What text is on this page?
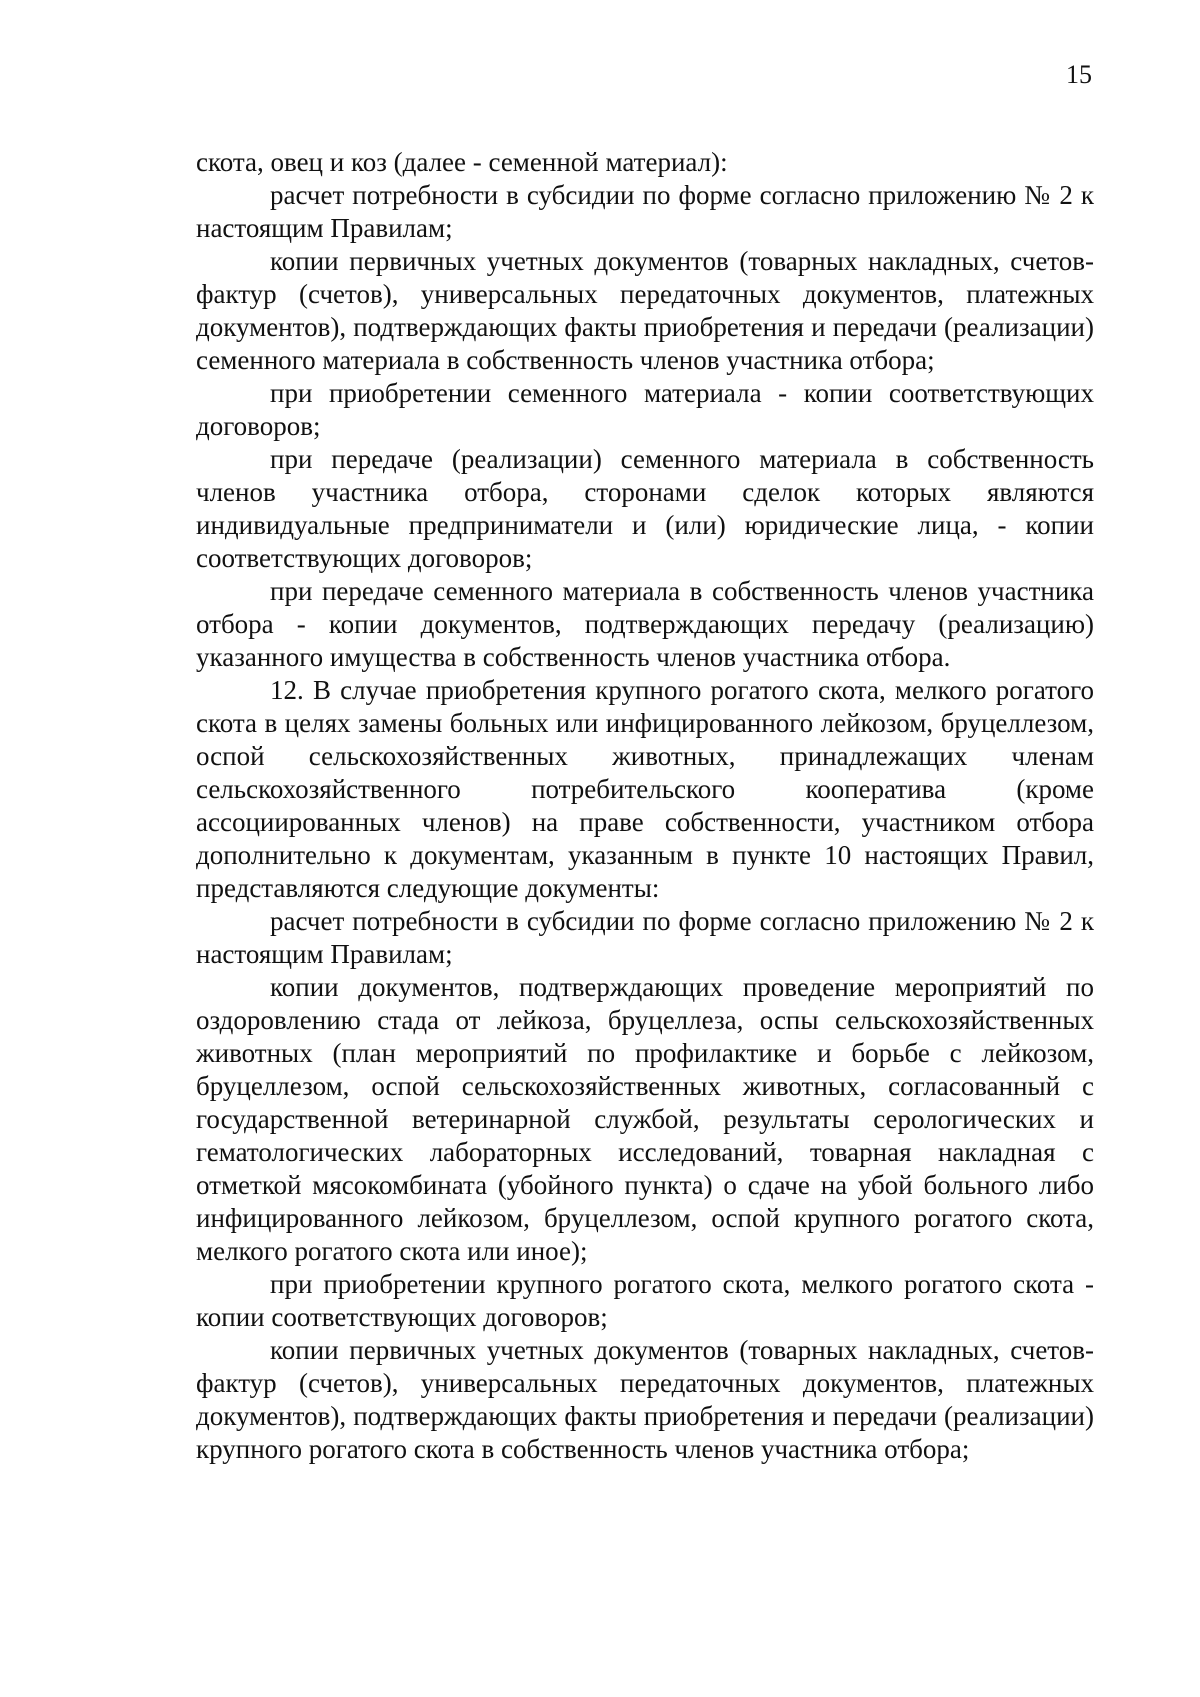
15

скота, овец и коз (далее - семенной материал):

расчет потребности в субсидии по форме согласно приложению № 2 к настоящим Правилам;

копии первичных учетных документов (товарных накладных, счетов-фактур (счетов), универсальных передаточных документов, платежных документов), подтверждающих факты приобретения и передачи (реализации) семенного материала в собственность членов участника отбора;

при приобретении семенного материала - копии соответствующих договоров;

при передаче (реализации) семенного материала в собственность членов участника отбора, сторонами сделок которых являются индивидуальные предприниматели и (или) юридические лица, - копии соответствующих договоров;

при передаче семенного материала в собственность членов участника отбора - копии документов, подтверждающих передачу (реализацию) указанного имущества в собственность членов участника отбора.

12. В случае приобретения крупного рогатого скота, мелкого рогатого скота в целях замены больных или инфицированного лейкозом, бруцеллезом, оспой сельскохозяйственных животных, принадлежащих членам сельскохозяйственного потребительского кооператива (кроме ассоциированных членов) на праве собственности, участником отбора дополнительно к документам, указанным в пункте 10 настоящих Правил, представляются следующие документы:

расчет потребности в субсидии по форме согласно приложению № 2 к настоящим Правилам;

копии документов, подтверждающих проведение мероприятий по оздоровлению стада от лейкоза, бруцеллеза, оспы сельскохозяйственных животных (план мероприятий по профилактике и борьбе с лейкозом, бруцеллезом, оспой сельскохозяйственных животных, согласованный с государственной ветеринарной службой, результаты серологических и гематологических лабораторных исследований, товарная накладная с отметкой мясокомбината (убойного пункта) о сдаче на убой больного либо инфицированного лейкозом, бруцеллезом, оспой крупного рогатого скота, мелкого рогатого скота или иное);

при приобретении крупного рогатого скота, мелкого рогатого скота - копии соответствующих договоров;

копии первичных учетных документов (товарных накладных, счетов-фактур (счетов), универсальных передаточных документов, платежных документов), подтверждающих факты приобретения и передачи (реализации) крупного рогатого скота в собственность членов участника отбора;
